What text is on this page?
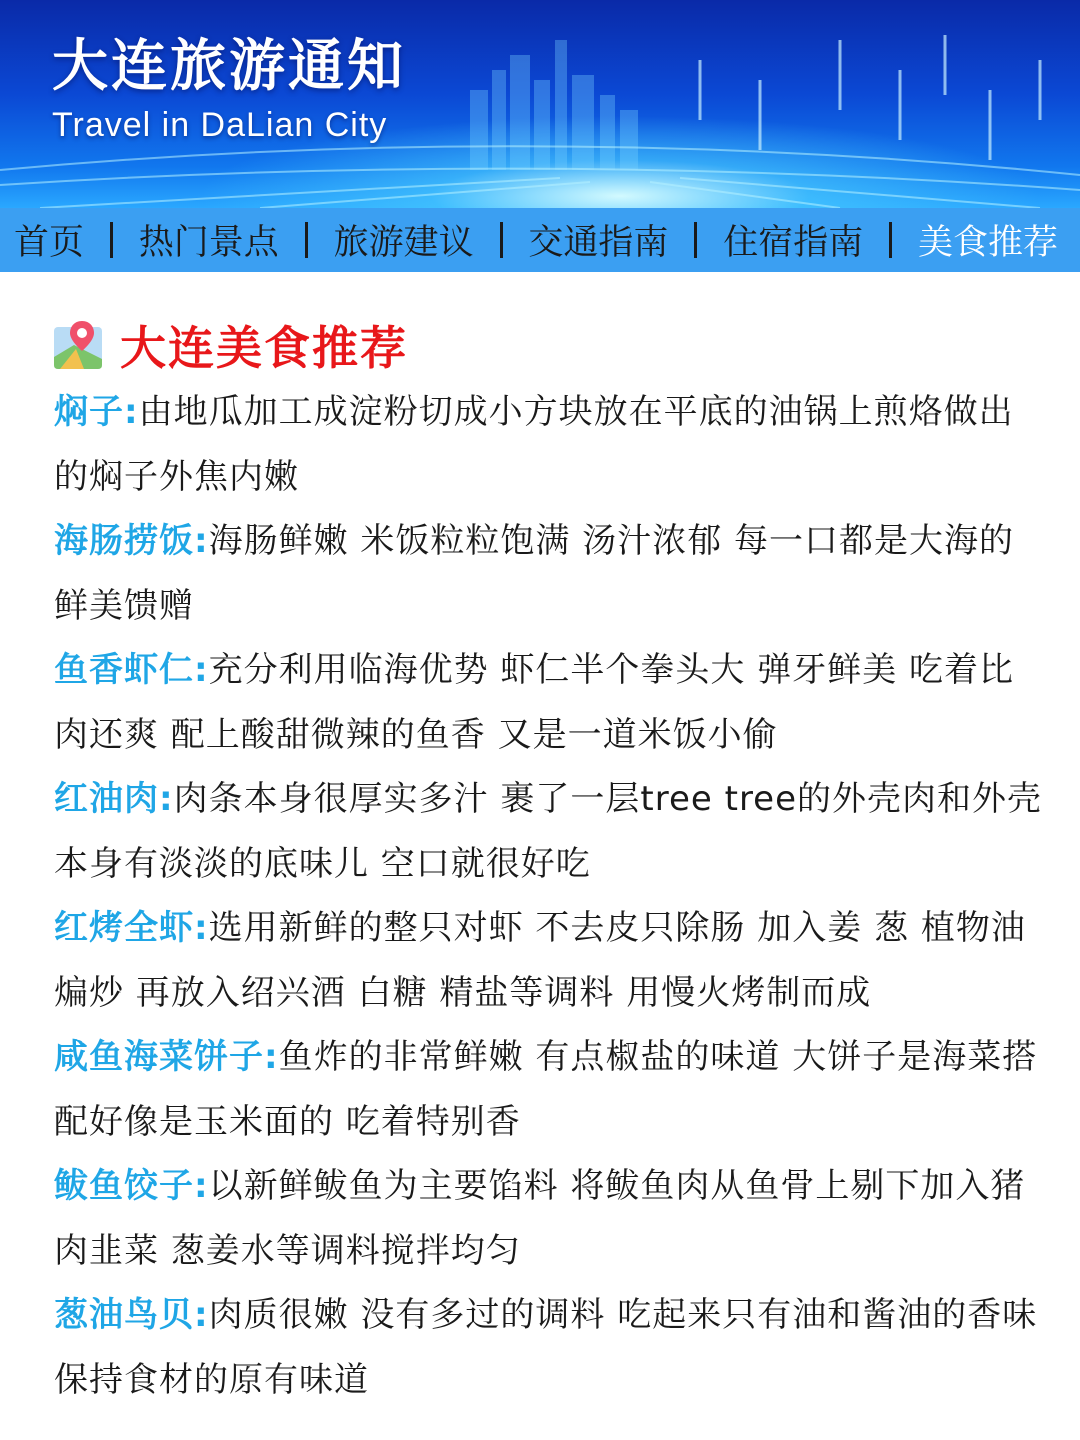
大连旅游通知
Travel in DaLian City
首页 热门景点 旅游建议 交通指南 住宿指南 美食推荐
大连美食推荐
焖子:由地瓜加工成淀粉切成小方块放在平底的油锅上煎烙做出的焖子外焦内嫩
海肠捞饭:海肠鲜嫩 米饭粒粒饱满 汤汁浓郁 每一口都是大海的鲜美馈赠
鱼香虾仁:充分利用临海优势 虾仁半个拳头大 弹牙鲜美 吃着比肉还爽 配上酸甜微辣的鱼香 又是一道米饭小偷
红油肉:肉条本身很厚实多汁 裹了一层tree tree的外壳肉和外壳本身有淡淡的底味儿 空口就很好吃
红烤全虾:选用新鲜的整只对虾 不去皮只除肠 加入姜 葱 植物油煸炒 再放入绍兴酒 白糖 精盐等调料 用慢火烤制而成
咸鱼海菜饼子:鱼炸的非常鲜嫩 有点椒盐的味道 大饼子是海菜搭配好像是玉米面的 吃着特别香
鲅鱼饺子:以新鲜鲅鱼为主要馅料 将鲅鱼肉从鱼骨上剔下加入猪肉韭菜 葱姜水等调料搅拌均匀
葱油鸟贝:肉质很嫩 没有多过的调料 吃起来只有油和酱油的香味保持食材的原有味道
